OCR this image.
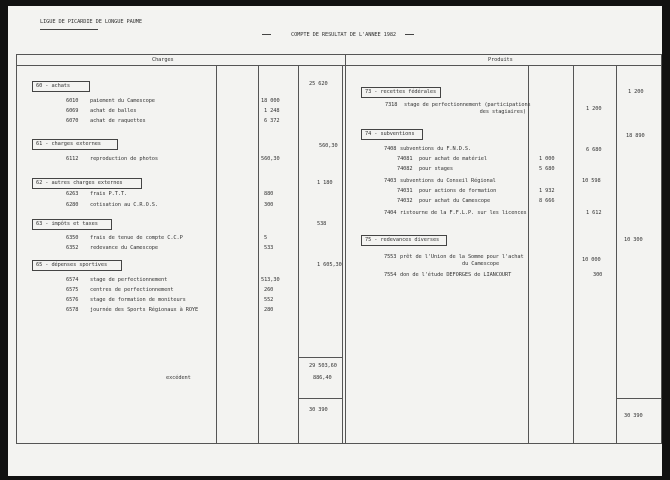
LIGUE DE PICARDIE DE LONGUE PAUME
COMPTE DE RESULTAT DE L'ANNEE 1982
Charges	Produits
60 - achats	25 620
6010 paiement du Camescope	18 000
6069 achat de balles	1 248
6070 achat de raquettes	6 372
61 - charges externes	560,30
6112 reproduction de photos	560,30
62 - autres charges externes	1 180
6263 frais P.T.T.	880
6280 cotisation au C.R.O.S.	300
63 - impôts et taxes	538
6350 frais de tenue de compte C.C.P	5
6352 redevance du Camescope	533
65 - dépenses sportives	1 605,30
6574 stage de perfectionnement	513,30
6575 centres de perfectionnement	260
6576 stage de formation de moniteurs	552
6578 journée des Sports Régionaux à ROYE	280
29 503,60
excédent	886,40
30 390
73 - recettes fédérales	1 200
7318 stage de perfectionnement (participations
des stagiaires)	1 200
74 - subventions	18 890
7408 subventions du F.N.D.S.	6 680
74081 pour achat de matériel	1 000
74082 pour stages	5 680
7403 subventions du Conseil Régional	10 598
74031 pour actions de formation	1 932
74032 pour achat du Camescope	8 666
7404 ristourne de la F.F.L.P. sur les licences	1 612
75 - redevances diverses	10 300
7553 prêt de l'Union de la Somme pour l'achat
du Camescope
10 000
7554 don de l'étude DEFORGES de LIANCOURT	300
30 390
